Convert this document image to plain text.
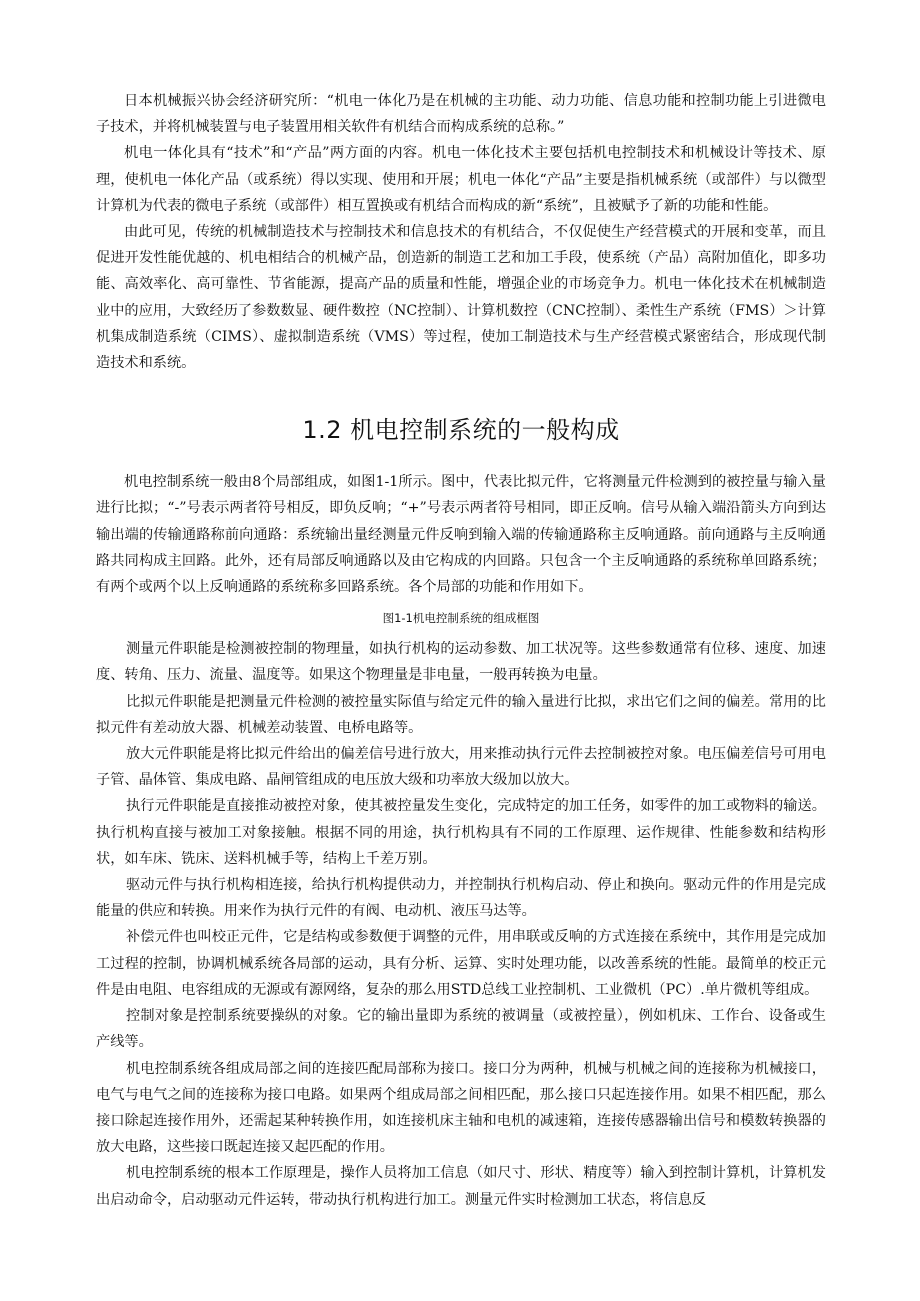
日本机械振兴协会经济研究所：“机电一体化乃是在机械的主功能、动力功能、信息功能和控制功能上引进微电子技术，并将机械装置与电子装置用相关软件有机结合而构成系统的总称。”

机电一体化具有“技术”和“产品”两方面的内容。机电一体化技术主要包括机电控制技术和机械设计等技术、原理，使机电一体化产品（或系统）得以实现、使用和开展；机电一体化“产品”主要是指机械系统（或部件）与以微型计算机为代表的微电子系统（或部件）相互置换或有机结合而构成的新“系统”，且被赋予了新的功能和性能。

由此可见，传统的机械制造技术与控制技术和信息技术的有机结合，不仅促使生产经营模式的开展和变革，而且促进开发性能优越的、机电相结合的机械产品，创造新的制造工艺和加工手段，使系统（产品）高附加值化，即多功能、高效率化、高可靠性、节省能源，提高产品的质量和性能，增强企业的市场竞争力。机电一体化技术在机械制造业中的应用，大致经历了参数数显、硬件数控（NC控制）、计算机数控（CNC控制）、柔性生产系统（FMS）＞计算机集成制造系统（CIMS）、虚拟制造系统（VMS）等过程，使加工制造技术与生产经营模式紧密结合，形成现代制造技术和系统。

1.2 机电控制系统的一般构成

机电控制系统一般由8个局部组成，如图1-1所示。图中，代表比拟元件，它将测量元件检测到的被控量与输入量进行比拟；“-”号表示两者符号相反，即负反响；“+”号表示两者符号相同，即正反响。信号从输入端沿箭头方向到达输出端的传输通路称前向通路：系统输出量经测量元件反响到输入端的传输通路称主反响通路。前向通路与主反响通路共同构成主回路。此外，还有局部反响通路以及由它构成的内回路。只包含一个主反响通路的系统称单回路系统；有两个或两个以上反响通路的系统称多回路系统。各个局部的功能和作用如下。

图1-1机电控制系统的组成框图

测量元件职能是检测被控制的物理量，如执行机构的运动参数、加工状况等。这些参数通常有位移、速度、加速度、转角、压力、流量、温度等。如果这个物理量是非电量，一般再转换为电量。

比拟元件职能是把测量元件检测的被控量实际值与给定元件的输入量进行比拟，求出它们之间的偏差。常用的比拟元件有差动放大器、机械差动装置、电桥电路等。

放大元件职能是将比拟元件给出的偏差信号进行放大，用来推动执行元件去控制被控对象。电压偏差信号可用电子管、晶体管、集成电路、晶闸管组成的电压放大级和功率放大级加以放大。

执行元件职能是直接推动被控对象，使其被控量发生变化，完成特定的加工任务，如零件的加工或物料的输送。执行机构直接与被加工对象接触。根据不同的用途，执行机构具有不同的工作原理、运作规律、性能参数和结构形状，如车床、铣床、送料机械手等，结构上千差万别。

驱动元件与执行机构相连接，给执行机构提供动力，并控制执行机构启动、停止和换向。驱动元件的作用是完成能量的供应和转换。用来作为执行元件的有阀、电动机、液压马达等。

补偿元件也叫校正元件，它是结构或参数便于调整的元件，用串联或反响的方式连接在系统中，其作用是完成加工过程的控制，协调机械系统各局部的运动，具有分析、运算、实时处理功能，以改善系统的性能。最简单的校正元件是由电阻、电容组成的无源或有源网络，复杂的那么用STD总线工业控制机、工业微机（PC）.单片微机等组成。

控制对象是控制系统要操纵的对象。它的输出量即为系统的被调量（或被控量），例如机床、工作台、设备或生产线等。

机电控制系统各组成局部之间的连接匹配局部称为接口。接口分为两种，机械与机械之间的连接称为机械接口，电气与电气之间的连接称为接口电路。如果两个组成局部之间相匹配，那么接口只起连接作用。如果不相匹配，那么接口除起连接作用外，还需起某种转换作用，如连接机床主轴和电机的减速箱，连接传感器输出信号和模数转换器的放大电路，这些接口既起连接又起匹配的作用。

机电控制系统的根本工作原理是，操作人员将加工信息（如尺寸、形状、精度等）输入到控制计算机，计算机发出启动命令，启动驱动元件运转，带动执行机构进行加工。测量元件实时检测加工状态，将信息反
